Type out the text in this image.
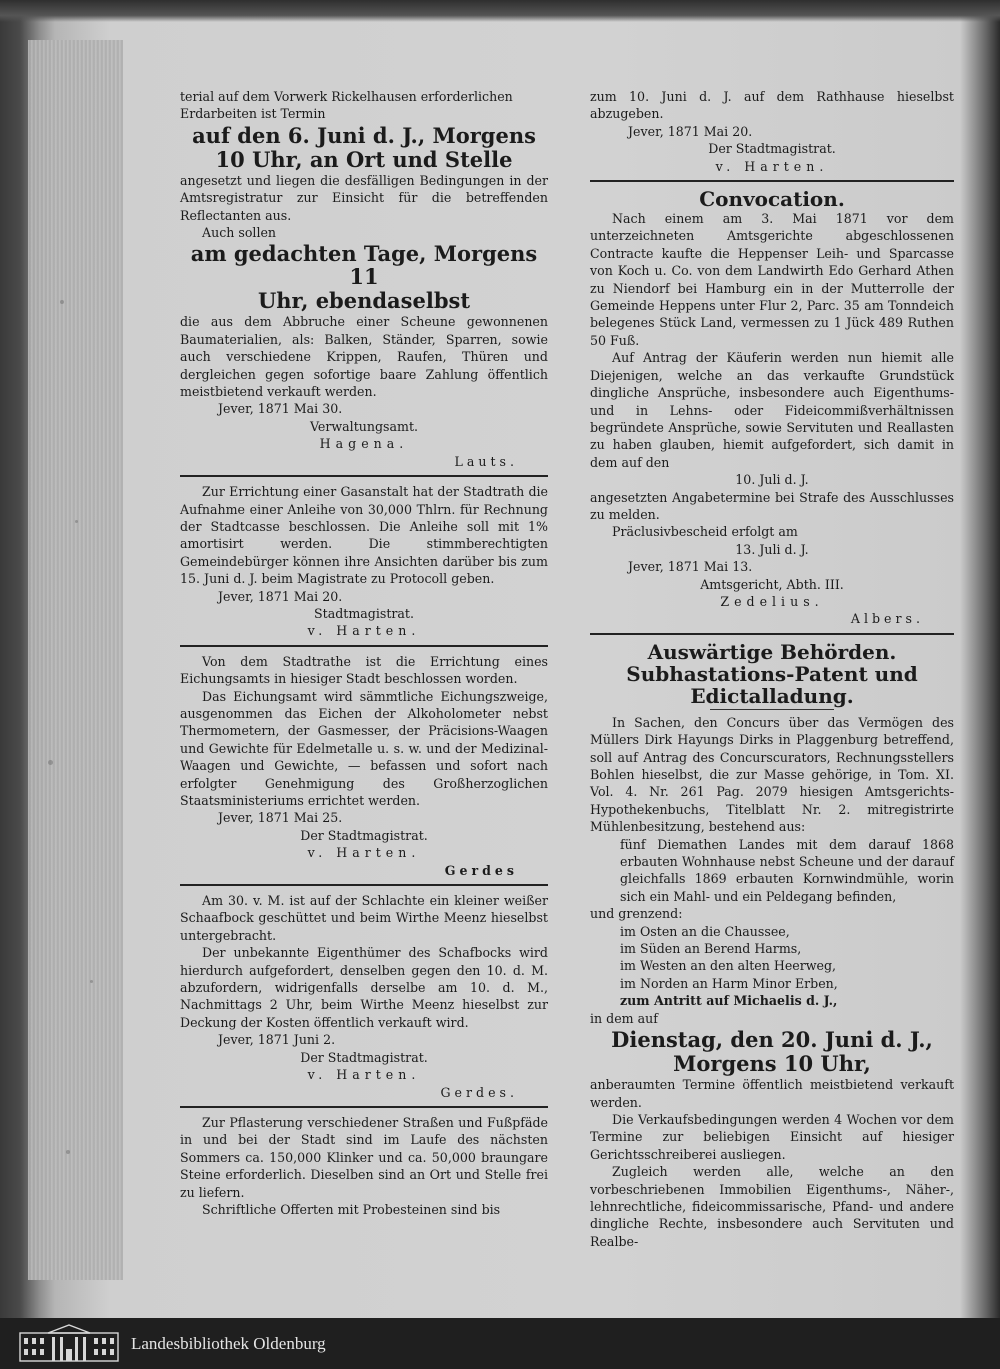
terial auf dem Vorwerk Rickelhausen erforderlichen

Erdarbeiten ist Termin

auf den 6. Juni d. J., Morgens

10 Uhr, an Ort und Stelle

angesetzt und liegen die desfälligen Bedingungen in der Amtsregistratur zur Einsicht für die betreffenden Reflectanten aus.

Auch sollen

am gedachten Tage, Morgens 11

Uhr, ebendaselbst

die aus dem Abbruche einer Scheune gewonnenen Baumaterialien, als: Balken, Ständer, Sparren, sowie auch verschiedene Krippen, Raufen, Thüren und dergleichen gegen sofortige baare Zahlung öffentlich meistbietend verkauft werden.

Jever, 1871 Mai 30.

Verwaltungsamt.

Hagena.

Lauts.

Zur Errichtung einer Gasanstalt hat der Stadtrath die Aufnahme einer Anleihe von 30,000 Thlrn. für Rechnung der Stadtcasse beschlossen. Die Anleihe soll mit 1% amortisirt werden. Die stimmberechtigten Gemeindebürger können ihre Ansichten darüber bis zum 15. Juni d. J. beim Magistrate zu Protocoll geben.

Jever, 1871 Mai 20.

Stadtmagistrat.

v. Harten.

Von dem Stadtrathe ist die Errichtung eines Eichungsamts in hiesiger Stadt beschlossen worden.

Das Eichungsamt wird sämmtliche Eichungszweige, ausgenommen das Eichen der Alkoholometer nebst Thermometern, der Gasmesser, der Präcisions-Waagen und Gewichte für Edelmetalle u. s. w. und der Medizinal-Waagen und Gewichte, — befassen und sofort nach erfolgter Genehmigung des Großherzoglichen Staatsministeriums errichtet werden.

Jever, 1871 Mai 25.

Der Stadtmagistrat.

v. Harten.

Gerdes

Am 30. v. M. ist auf der Schlachte ein kleiner weißer Schaafbock geschüttet und beim Wirthe Meenz hieselbst untergebracht.

Der unbekannte Eigenthümer des Schafbocks wird hierdurch aufgefordert, denselben gegen den 10. d. M. abzufordern, widrigenfalls derselbe am 10. d. M., Nachmittags 2 Uhr, beim Wirthe Meenz hieselbst zur Deckung der Kosten öffentlich verkauft wird.

Jever, 1871 Juni 2.

Der Stadtmagistrat.

v. Harten.

Gerdes.

Zur Pflasterung verschiedener Straßen und Fußpfäde in und bei der Stadt sind im Laufe des nächsten Sommers ca. 150,000 Klinker und ca. 50,000 braungare Steine erforderlich. Dieselben sind an Ort und Stelle frei zu liefern.

Schriftliche Offerten mit Probesteinen sind bis

zum 10. Juni d. J. auf dem Rathhause hieselbst abzugeben.

Jever, 1871 Mai 20.

Der Stadtmagistrat.

v. Harten.

Convocation.

Nach einem am 3. Mai 1871 vor dem unterzeichneten Amtsgerichte abgeschlossenen Contracte kaufte die Heppenser Leih- und Sparcasse von Koch u. Co. von dem Landwirth Edo Gerhard Athen zu Niendorf bei Hamburg ein in der Mutterrolle der Gemeinde Heppens unter Flur 2, Parc. 35 am Tonndeich belegenes Stück Land, vermessen zu 1 Jück 489 Ruthen 50 Fuß.

Auf Antrag der Käuferin werden nun hiemit alle Diejenigen, welche an das verkaufte Grundstück dingliche Ansprüche, insbesondere auch Eigenthums- und in Lehns- oder Fideicommißverhältnissen begründete Ansprüche, sowie Servituten und Reallasten zu haben glauben, hiemit aufgefordert, sich damit in dem auf den

10. Juli d. J.

angesetzten Angabetermine bei Strafe des Ausschlusses zu melden.

Präclusivbescheid erfolgt am

13. Juli d. J.

Jever, 1871 Mai 13.

Amtsgericht, Abth. III.

Zedelius.

Albers.

Auswärtige Behörden.

Subhastations-Patent und

Edictalladung.

In Sachen, den Concurs über das Vermögen des Müllers Dirk Hayungs Dirks in Plaggenburg betreffend, soll auf Antrag des Concurscurators, Rechnungsstellers Bohlen hieselbst, die zur Masse gehörige, in Tom. XI. Vol. 4. Nr. 261 Pag. 2079 hiesigen Amtsgerichts-Hypothekenbuchs, Titelblatt Nr. 2. mitregistrirte Mühlenbesitzung, bestehend aus:

fünf Diemathen Landes mit dem darauf 1868 erbauten Wohnhause nebst Scheune und der darauf gleichfalls 1869 erbauten Kornwindmühle, worin sich ein Mahl- und ein Peldegang befinden,

und grenzend:

im Osten an die Chaussee,

im Süden an Berend Harms,

im Westen an den alten Heerweg,

im Norden an Harm Minor Erben,

zum Antritt auf Michaelis d. J.,

in dem auf

Dienstag, den 20. Juni d. J.,

Morgens 10 Uhr,

anberaumten Termine öffentlich meistbietend verkauft werden.

Die Verkaufsbedingungen werden 4 Wochen vor dem Termine zur beliebigen Einsicht auf hiesiger Gerichtsschreiberei ausliegen.

Zugleich werden alle, welche an den vorbeschriebenen Immobilien Eigenthums-, Näher-, lehnrechtliche, fideicommissarische, Pfand- und andere dingliche Rechte, insbesondere auch Servituten und Realbe-

Landesbibliothek Oldenburg
